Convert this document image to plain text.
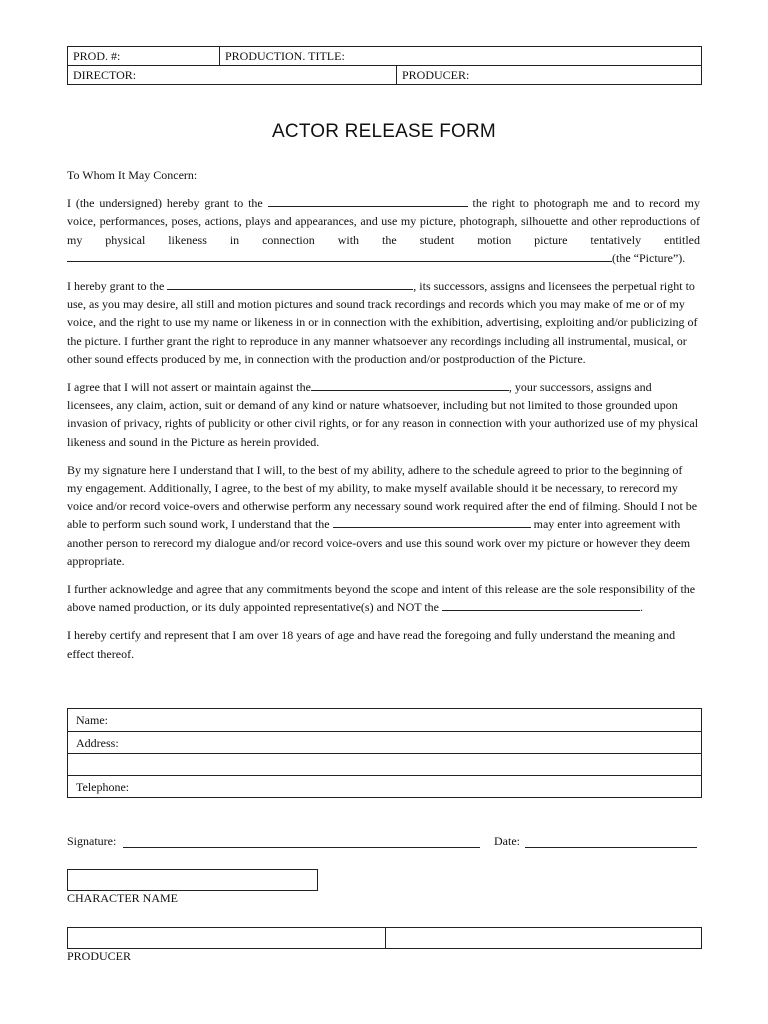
PROD. #:	PRODUCTION. TITLE:
DIRECTOR:	PRODUCER:
ACTOR RELEASE FORM

To Whom It May Concern:

I (the undersigned) hereby grant to the	the right to photograph me and to record my voice, performances, poses, actions, plays and appearances, and use my picture, photograph, silhouette and other reproductions of my physical likeness in connection with the student motion picture tentatively entitled (the “Picture”).

I hereby grant to the	, its successors, assigns and licensees the perpetual right to use, as you may desire, all still and motion pictures and sound track recordings and records which you may make of me or of my voice, and the right to use my name or likeness in or in connection with the exhibition, advertising, exploiting and/or publicizing of the picture. I further grant the right to reproduce in any manner whatsoever any recordings including all instrumental, musical, or other sound effects produced by me, in connection with the production and/or postproduction of the Picture.

I agree that I will not assert or maintain against the	, your successors, assigns and licensees, any claim, action, suit or demand of any kind or nature whatsoever, including but not limited to those grounded upon invasion of privacy, rights of publicity or other civil rights, or for any reason in connection with your authorized use of my physical likeness and sound in the Picture as herein provided.

By my signature here I understand that I will, to the best of my ability, adhere to the schedule agreed to prior to the beginning of my engagement. Additionally, I agree, to the best of my ability, to make myself available should it be necessary, to rerecord my voice and/or record voice-overs and otherwise perform any necessary sound work required after the end of filming. Should I not be able to perform such sound work, I understand that the	may enter into agreement with another person to rerecord my dialogue and/or record voice-overs and use this sound work over my picture or however they deem appropriate.

I further acknowledge and agree that any commitments beyond the scope and intent of this release are the sole responsibility of the above named production, or its duly appointed representative(s) and NOT the	.

I hereby certify and represent that I am over 18 years of age and have read the foregoing and fully understand the meaning and effect thereof.

Name:
Address:
Telephone:
Signature:	Date:
CHARACTER NAME
PRODUCER
